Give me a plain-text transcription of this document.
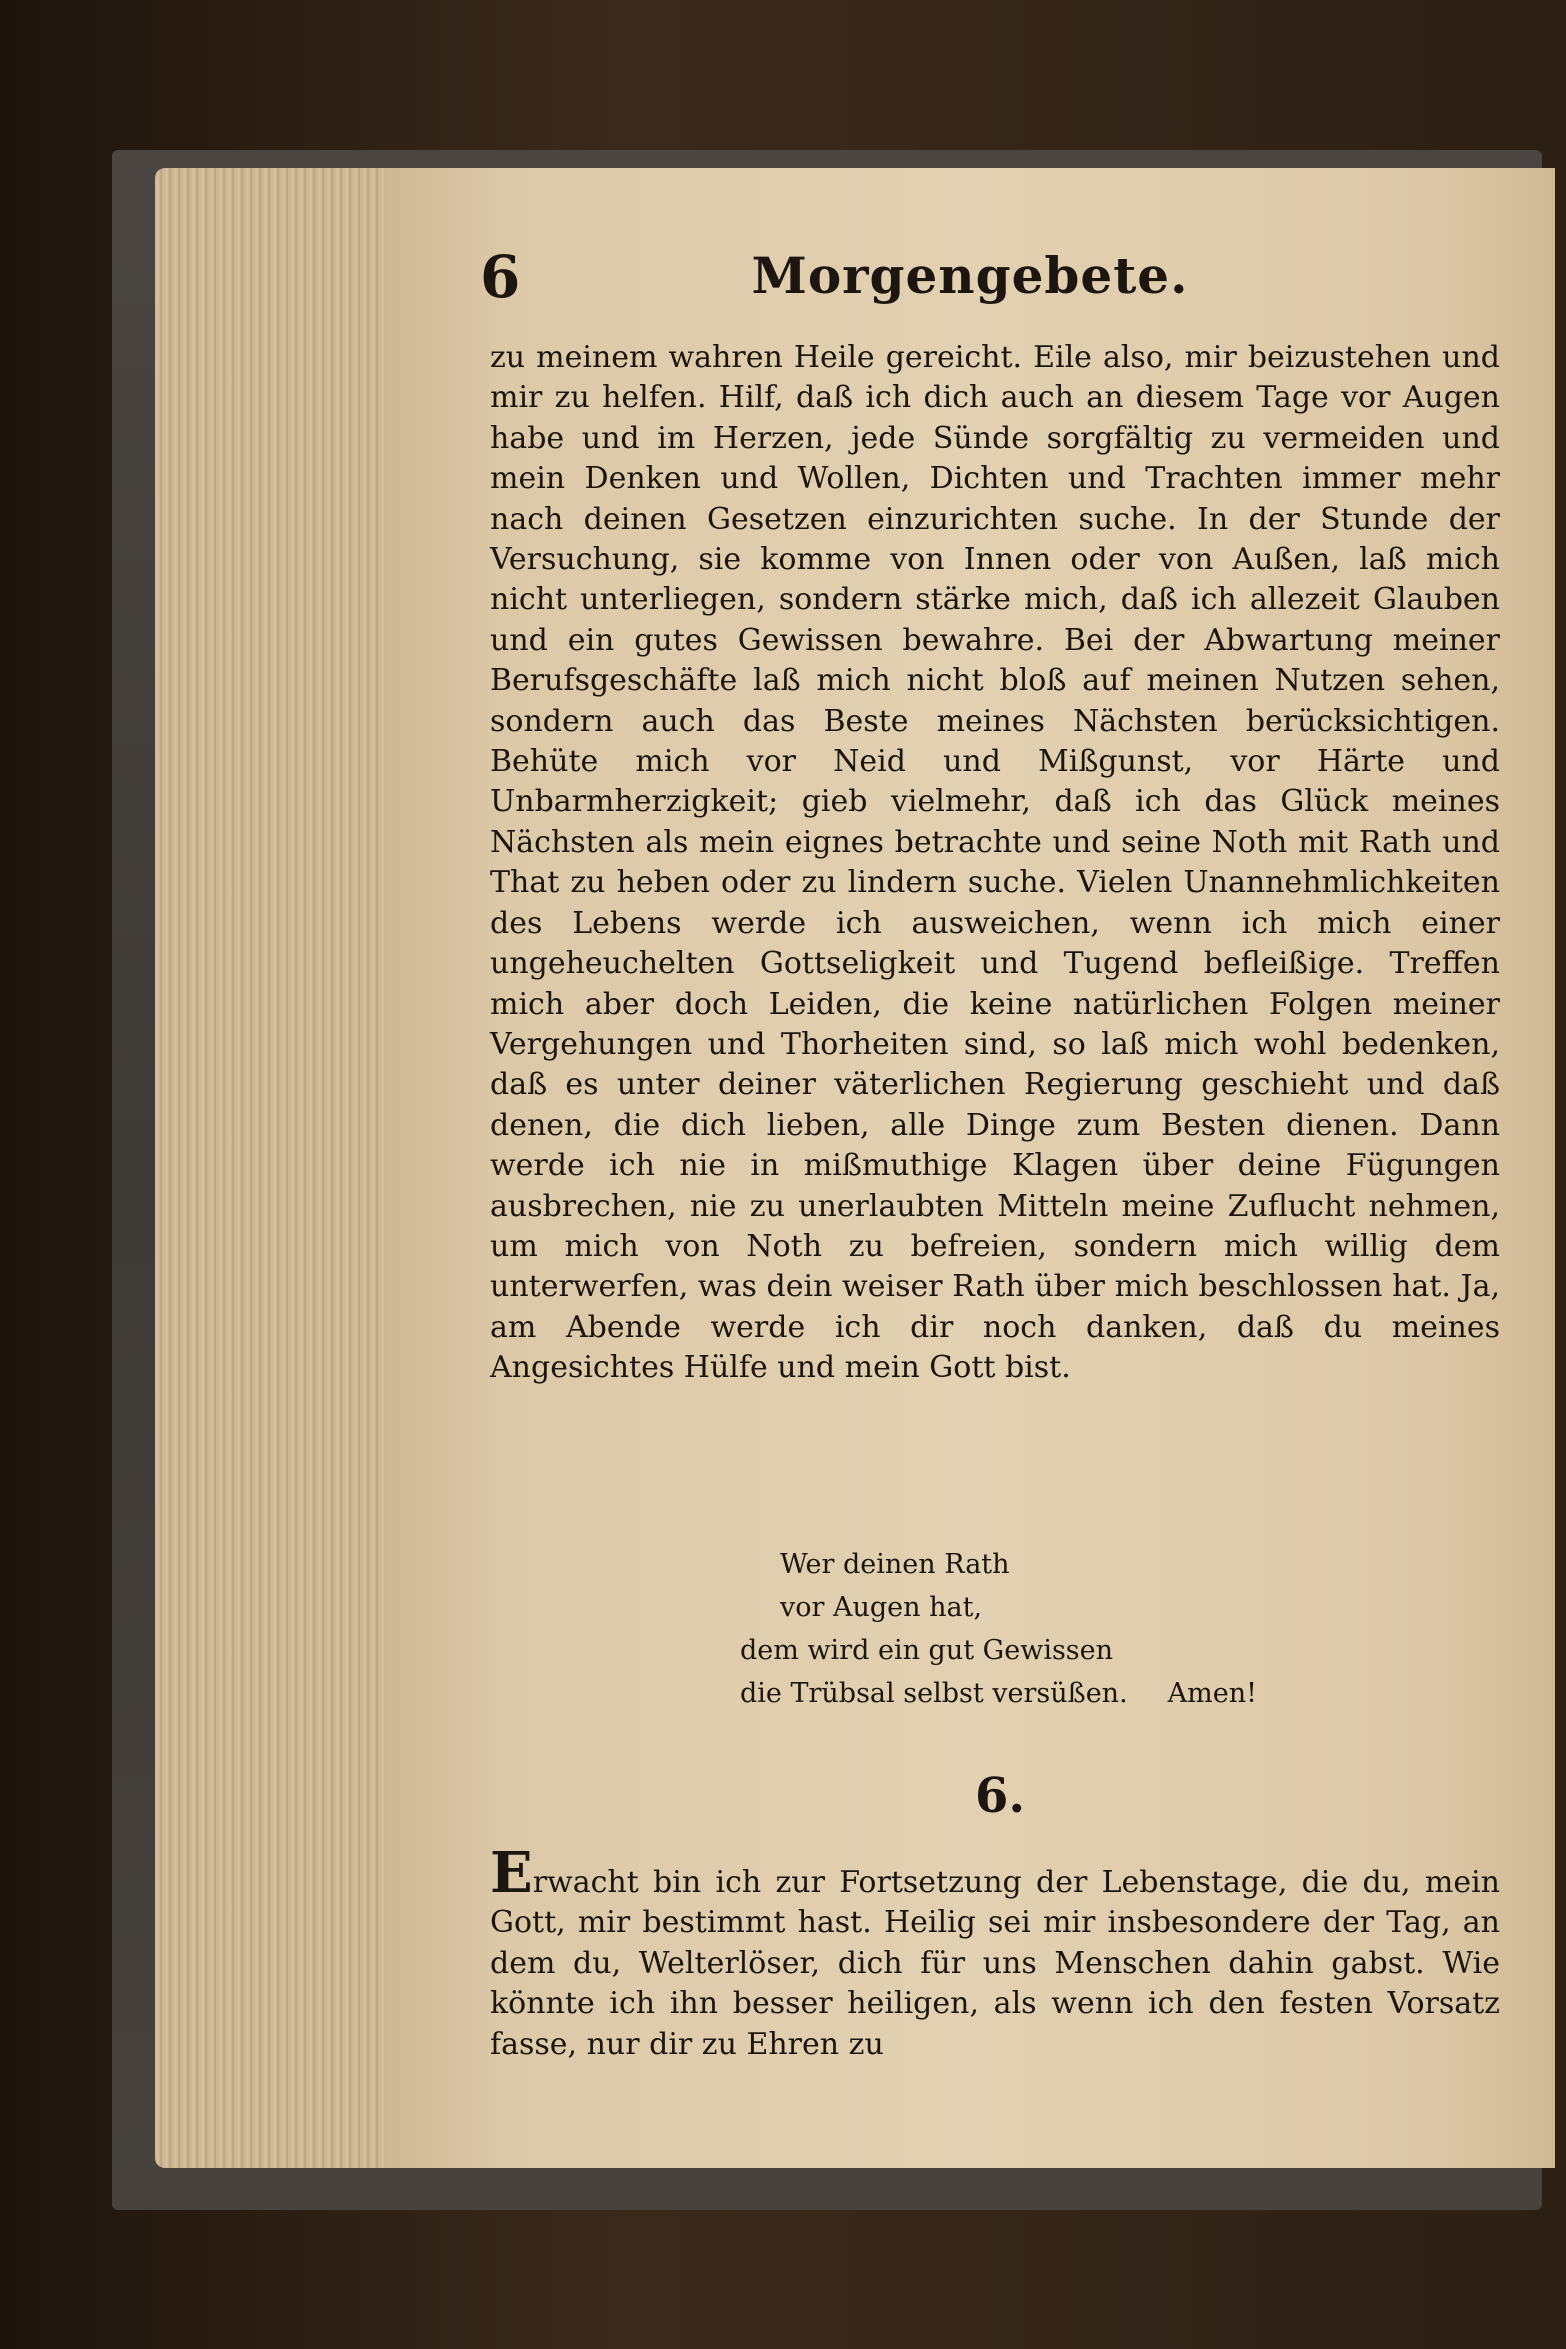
6	Morgengebete.
zu meinem wahren Heile gereicht. Eile also, mir beizustehen und mir zu helfen. Hilf, daß ich dich auch an diesem Tage vor Augen habe und im Herzen, jede Sünde sorgfältig zu vermeiden und mein Denken und Wollen, Dichten und Trachten immer mehr nach deinen Gesetzen einzurichten suche. In der Stunde der Versuchung, sie komme von Innen oder von Außen, laß mich nicht unterliegen, sondern stärke mich, daß ich allezeit Glauben und ein gutes Gewissen bewahre. Bei der Abwartung meiner Berufsgeschäfte laß mich nicht bloß auf meinen Nutzen sehen, sondern auch das Beste meines Nächsten berücksichtigen. Behüte mich vor Neid und Mißgunst, vor Härte und Unbarmherzigkeit; gieb vielmehr, daß ich das Glück meines Nächsten als mein eignes betrachte und seine Noth mit Rath und That zu heben oder zu lindern suche. Vielen Unannehmlichkeiten des Lebens werde ich ausweichen, wenn ich mich einer ungeheuchelten Gottseligkeit und Tugend befleißige. Treffen mich aber doch Leiden, die keine natürlichen Folgen meiner Vergehungen und Thorheiten sind, so laß mich wohl bedenken, daß es unter deiner väterlichen Regierung geschieht und daß denen, die dich lieben, alle Dinge zum Besten dienen. Dann werde ich nie in mißmuthige Klagen über deine Fügungen ausbrechen, nie zu unerlaubten Mitteln meine Zuflucht nehmen, um mich von Noth zu befreien, sondern mich willig dem unterwerfen, was dein weiser Rath über mich beschlossen hat. Ja, am Abende werde ich dir noch danken, daß du meines Angesichtes Hülfe und mein Gott bist.
Wer deinen Rath
vor Augen hat,
dem wird ein gut Gewissen
die Trübsal selbst versüßen. Amen!
6.
Erwacht bin ich zur Fortsetzung der Lebenstage, die du, mein Gott, mir bestimmt hast. Heilig sei mir insbesondere der Tag, an dem du, Welterlöser, dich für uns Menschen dahin gabst. Wie könnte ich ihn besser heiligen, als wenn ich den festen Vorsatz fasse, nur dir zu Ehren zu
